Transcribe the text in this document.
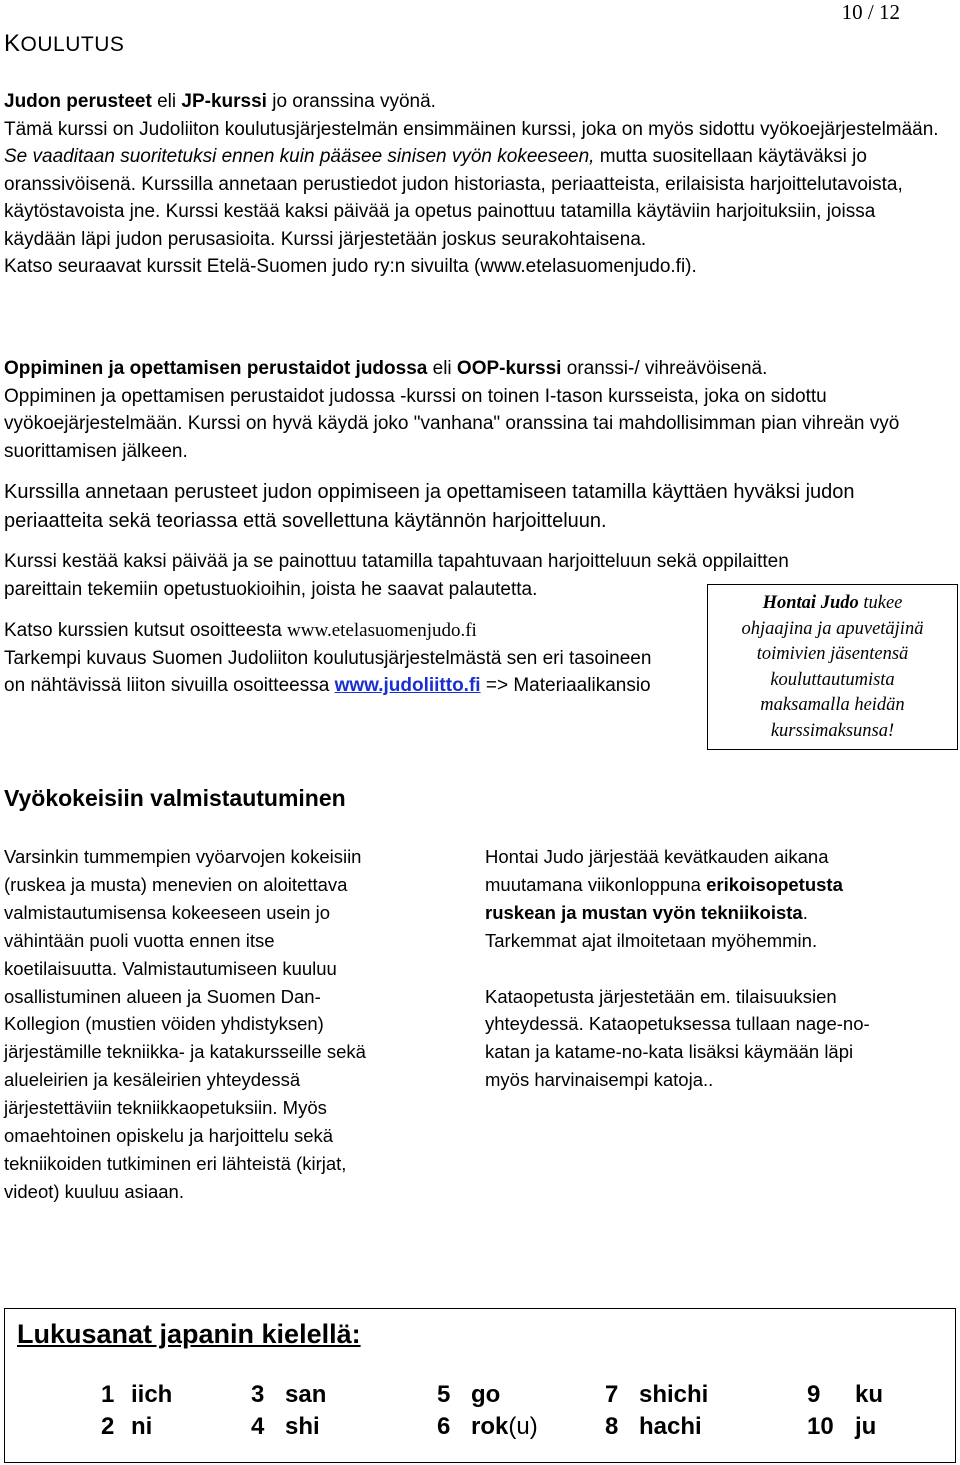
10 / 12
KOULUTUS
Judon perusteet eli JP-kurssi jo oranssina vyönä.
Tämä kurssi on Judoliiton koulutusjärjestelmän ensimmäinen kurssi, joka on myös sidottu vyökoejärjestelmään. Se vaaditaan suoritetuksi ennen kuin pääsee sinisen vyön kokeeseen, mutta suositellaan käytäväksi jo oranssivöisenä. Kurssilla annetaan perustiedot judon historiasta, periaatteista, erilaisista harjoittelutavoista, käytöstavoista jne. Kurssi kestää kaksi päivää ja opetus painottuu tatamilla käytäviin harjoituksiin, joissa käydään läpi judon perusasioita. Kurssi järjestetään joskus seurakohtaisena.
Katso seuraavat kurssit Etelä-Suomen judo ry:n sivuilta (www.etelasuomenjudo.fi).
Oppiminen ja opettamisen perustaidot judossa eli OOP-kurssi oranssi-/ vihreävöisenä.
Oppiminen ja opettamisen perustaidot judossa -kurssi on toinen I-tason kursseista, joka on sidottu vyökoejärjestelmään. Kurssi on hyvä käydä joko "vanhana" oranssina tai mahdollisimman pian vihreän vyö suorittamisen jälkeen.
Kurssilla annetaan perusteet judon oppimiseen ja opettamiseen tatamilla käyttäen hyväksi judon periaatteita sekä teoriassa että sovellettuna käytännön harjoitteluun.
Kurssi kestää kaksi päivää ja se painottuu tatamilla tapahtuvaan harjoitteluun sekä oppilaitten
pareittain tekemiin opetustuokioihin, joista he saavat palautetta.
Katso kurssien kutsut osoitteesta www.etelasuomenjudo.fi
Tarkempi kuvaus Suomen Judoliiton koulutusjärjestelmästä sen eri tasoineen
on nähtävissä liiton sivuilla osoitteessa www.judoliitto.fi => Materiaalikansio
Hontai Judo tukee
ohjaajina ja apuvetäjinä
toimivien jäsentensä
kouluttautumista
maksamalla heidän
kurssimaksunsa!
Vyökokeisiin valmistautuminen
Varsinkin tummempien vyöarvojen kokeisiin
(ruskea ja musta) menevien on aloitettava
valmistautumisensa kokeeseen usein jo
vähintään puoli vuotta ennen itse
koetilaisuutta. Valmistautumiseen kuuluu
osallistuminen alueen ja Suomen Dan-
Kollegion (mustien vöiden yhdistyksen)
järjestämille tekniikka- ja katakursseille sekä
alueleirien ja kesäleirien yhteydessä
järjestettäviin tekniikkaopetuksiin. Myös
omaehtoinen opiskelu ja harjoittelu sekä
tekniikoiden tutkiminen eri lähteistä (kirjat,
videot) kuuluu asiaan.
Hontai Judo järjestää kevätkauden aikana
muutamana viikonloppuna erikoisopetusta
ruskean ja mustan vyön tekniikoista.
Tarkemmat ajat ilmoitetaan myöhemmin.
Kataopetusta järjestetään em. tilaisuuksien
yhteydessä. Kataopetuksessa tullaan nage-no-
katan ja katame-no-kata lisäksi käymään läpi
myös harvinaisempi katoja..
Lukusanat japanin kielellä:
1 iich
2 ni
3 san
4 shi
5 go
6 rok(u)
7 shichi
8 hachi
9 ku
10 ju
